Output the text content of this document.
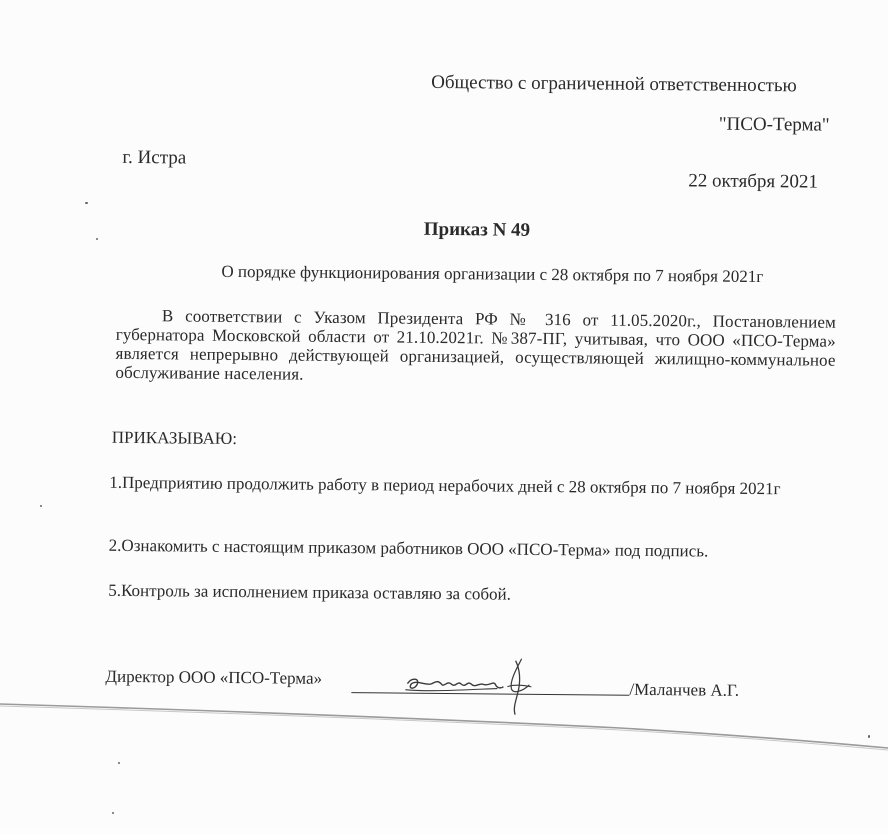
Общество с ограниченной ответственностью
"ПСО-Терма"
г. Истра
22 октября 2021
Приказ N 49
О порядке функционирования организации с 28 октября по 7 ноября 2021г
В соответствии с Указом Президента РФ № 316 от 11.05.2020г., Постановлением губернатора Московской области от 21.10.2021г. №387-ПГ, учитывая, что ООО «ПСО-Терма» является непрерывно действующей организацией, осуществляющей жилищно-коммунальное обслуживание населения.
ПРИКАЗЫВАЮ:
1.Предприятию продолжить работу в период нерабочих дней с 28 октября по 7 ноября 2021г
2.Ознакомить с настоящим приказом работников ООО «ПСО-Терма» под подпись.
5.Контроль за исполнением приказа оставляю за собой.
Директор ООО «ПСО-Терма»
/Маланчев А.Г.
